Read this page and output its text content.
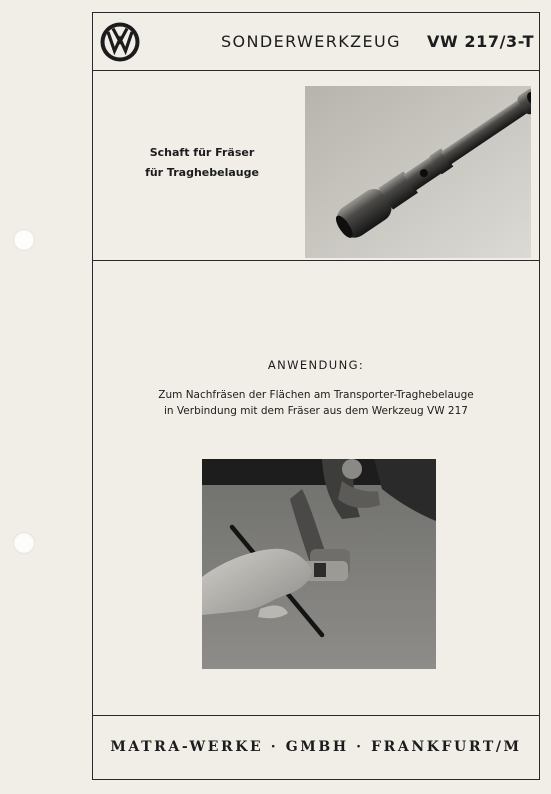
SONDERWERKZEUG VW 217/3-T
Schaft für Fräser
für Traghebelauge
ANWENDUNG:
Zum Nachfräsen der Flächen am Transporter-Traghebelauge
in Verbindung mit dem Fräser aus dem Werkzeug VW 217
MATRA-WERKE · GMBH · FRANKFURT/M
